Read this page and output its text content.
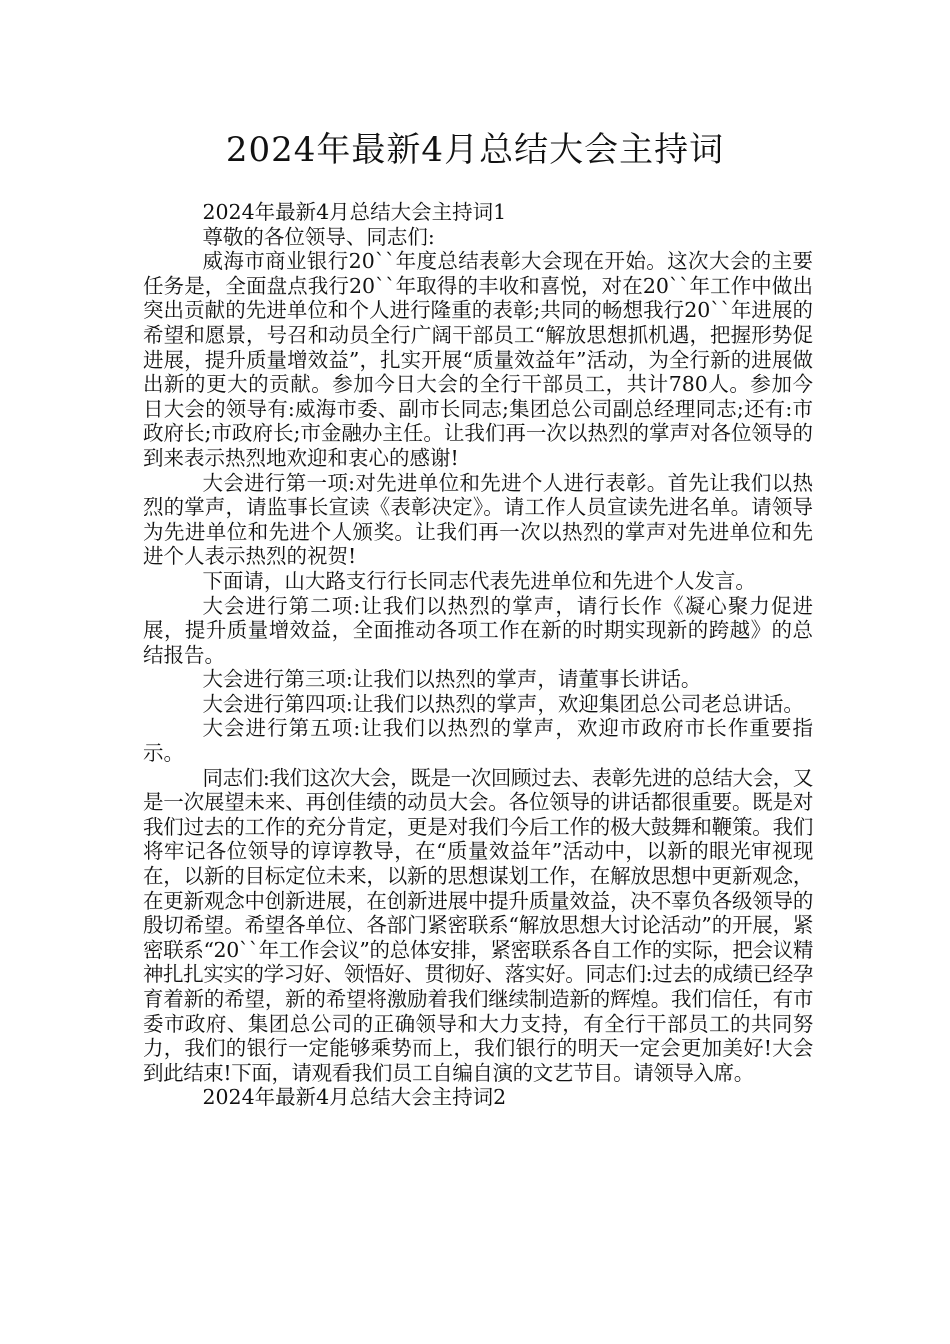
2024年最新4月总结大会主持词

2024年最新4月总结大会主持词1

尊敬的各位领导、同志们:

威海市商业银行20``年度总结表彰大会现在开始。这次大会的主要任务是，全面盘点我行20``年取得的丰收和喜悦，对在20``年工作中做出突出贡献的先进单位和个人进行隆重的表彰;共同的畅想我行20``年进展的希望和愿景，号召和动员全行广阔干部员工“解放思想抓机遇，把握形势促进展，提升质量增效益”，扎实开展“质量效益年”活动，为全行新的进展做出新的更大的贡献。参加今日大会的全行干部员工，共计780人。参加今日大会的领导有:威海市委、副市长同志;集团总公司副总经理同志;还有:市政府长;市政府长;市金融办主任。让我们再一次以热烈的掌声对各位领导的到来表示热烈地欢迎和衷心的感谢!

大会进行第一项:对先进单位和先进个人进行表彰。首先让我们以热烈的掌声，请监事长宣读《表彰决定》。请工作人员宣读先进名单。请领导为先进单位和先进个人颁奖。让我们再一次以热烈的掌声对先进单位和先进个人表示热烈的祝贺!

下面请，山大路支行行长同志代表先进单位和先进个人发言。

大会进行第二项:让我们以热烈的掌声，请行长作《凝心聚力促进展，提升质量增效益，全面推动各项工作在新的时期实现新的跨越》的总结报告。

大会进行第三项:让我们以热烈的掌声，请董事长讲话。

大会进行第四项:让我们以热烈的掌声，欢迎集团总公司老总讲话。

大会进行第五项:让我们以热烈的掌声，欢迎市政府市长作重要指示。

同志们:我们这次大会，既是一次回顾过去、表彰先进的总结大会，又是一次展望未来、再创佳绩的动员大会。各位领导的讲话都很重要。既是对我们过去的工作的充分肯定，更是对我们今后工作的极大鼓舞和鞭策。我们将牢记各位领导的谆谆教导，在“质量效益年”活动中，以新的眼光审视现在，以新的目标定位未来，以新的思想谋划工作，在解放思想中更新观念，在更新观念中创新进展，在创新进展中提升质量效益，决不辜负各级领导的殷切希望。希望各单位、各部门紧密联系“解放思想大讨论活动”的开展，紧密联系“20``年工作会议”的总体安排，紧密联系各自工作的实际，把会议精神扎扎实实的学习好、领悟好、贯彻好、落实好。同志们:过去的成绩已经孕育着新的希望，新的希望将激励着我们继续制造新的辉煌。我们信任，有市委市政府、集团总公司的正确领导和大力支持，有全行干部员工的共同努力，我们的银行一定能够乘势而上，我们银行的明天一定会更加美好!大会到此结束!下面，请观看我们员工自编自演的文艺节目。请领导入席。

2024年最新4月总结大会主持词2
